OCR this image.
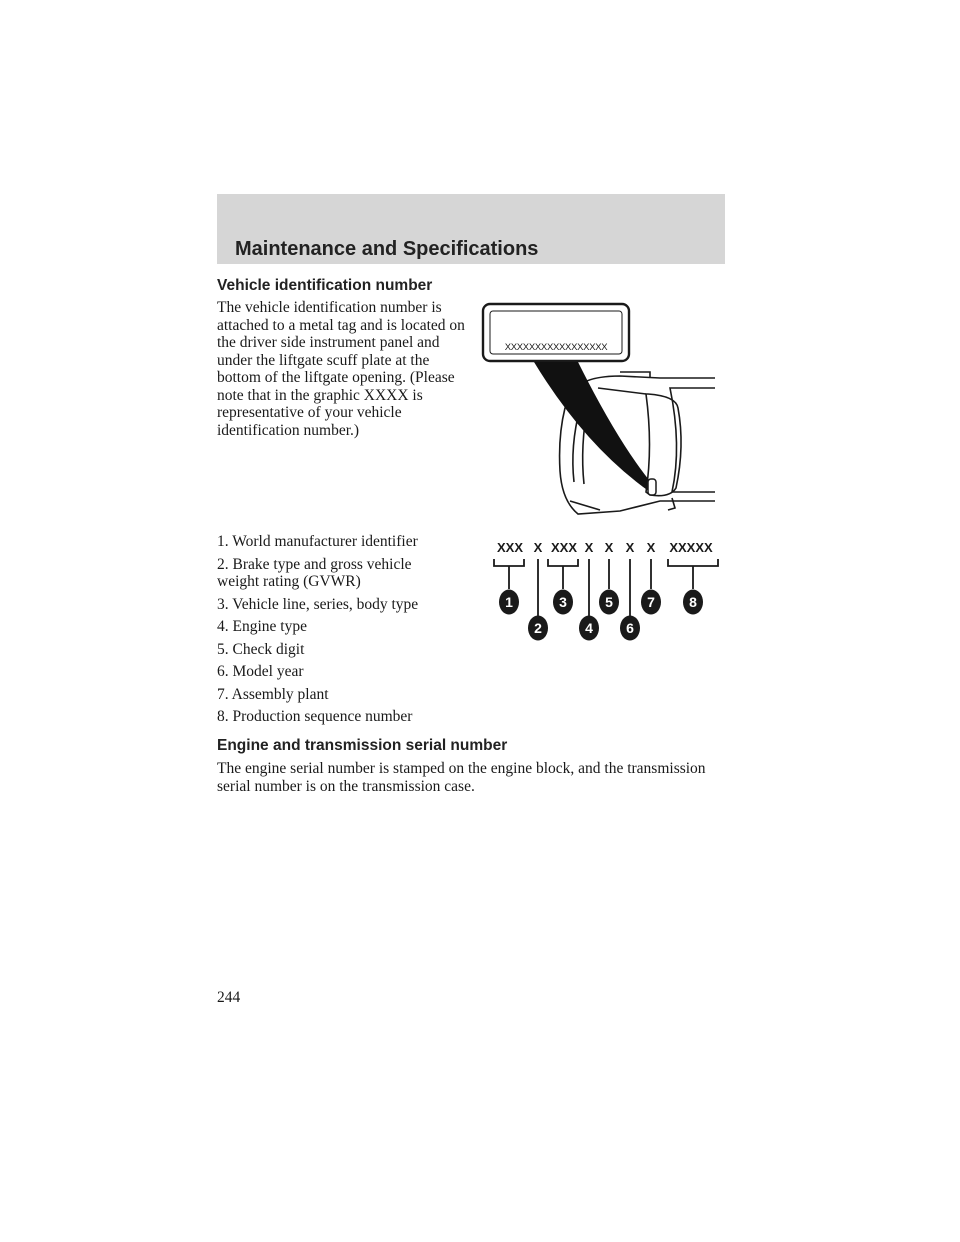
Maintenance and Specifications
Vehicle identification number

The vehicle identification number is attached to a metal tag and is located on the driver side instrument panel and under the liftgate scuff plate at the bottom of the liftgate opening. (Please note that in the graphic XXXX is representative of your vehicle identification number.)

XXXXXXXXXXXXXXXXX
XXX X XXX X X X X XXXXX
1
2
3
4
5
6
7 8
1. World manufacturer identifier
2. Brake type and gross vehicle weight rating (GVWR)
3. Vehicle line, series, body type
4. Engine type
5. Check digit
6. Model year
7. Assembly plant
8. Production sequence number
Engine and transmission serial number

The engine serial number is stamped on the engine block, and the transmission serial number is on the transmission case.

244
